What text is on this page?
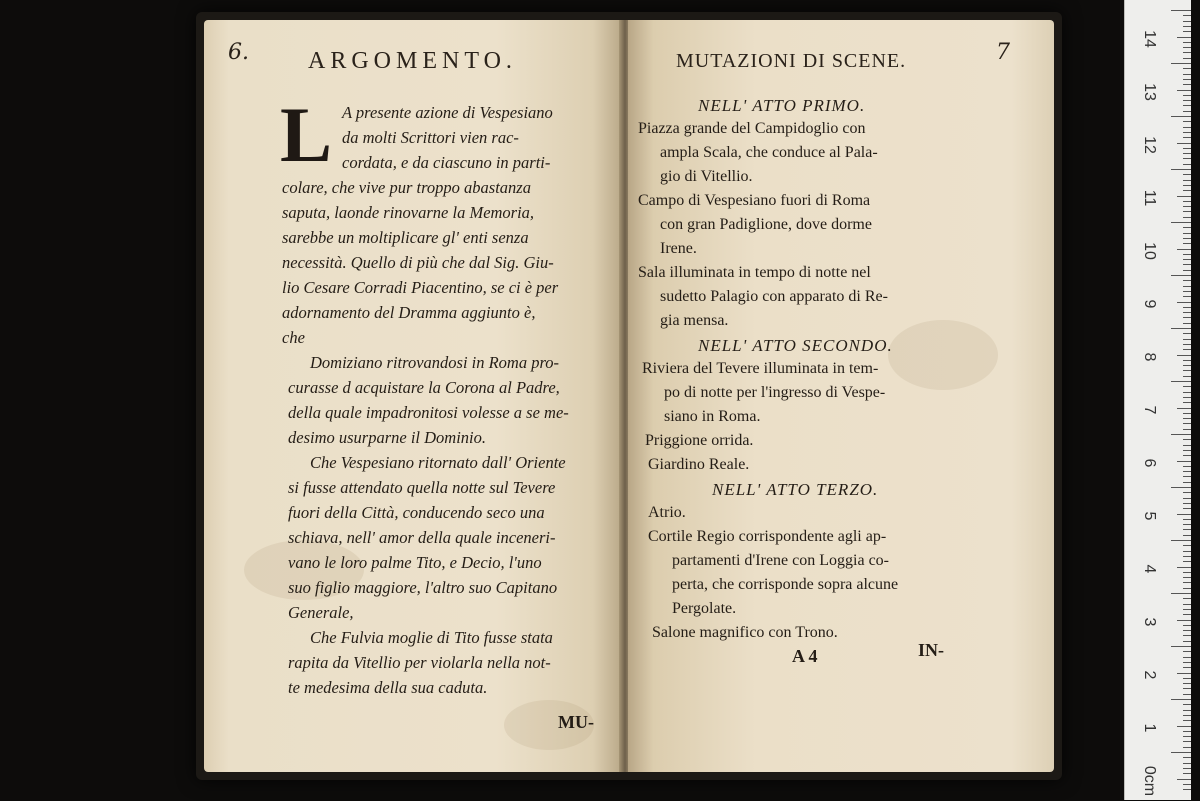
6. ARGOMENTO.
L A presente azione di Vespesiano
da molti Scrittori vien rac-
cordata, e da ciascuno in parti-
colare, che vive pur troppo abastanza
saputa, laonde rinovarne la Memoria,
sarebbe un moltiplicare gl' enti senza
necessità. Quello di più che dal Sig. Giu-
lio Cesare Corradi Piacentino, se ci è per
adornamento del Dramma aggiunto è,
che
Domiziano ritrovandosi in Roma pro-
curasse d acquistare la Corona al Padre,
della quale impadronitosi volesse a se me-
desimo usurparne il Dominio.
Che Vespesiano ritornato dall' Oriente
si fusse attendato quella notte sul Tevere
fuori della Città, conducendo seco una
schiava, nell' amor della quale inceneri-
vano le loro palme Tito, e Decio, l'uno
suo figlio maggiore, l'altro suo Capitano
Generale,
Che Fulvia moglie di Tito fusse stata
rapita da Vitellio per violarla nella not-
te medesima della sua caduta.
MU-
MUTAZIONI DI SCENE.	7
NELL' ATTO PRIMO.
Piazza grande del Campidoglio con
ampla Scala, che conduce al Pala-
gio di Vitellio.
Campo di Vespesiano fuori di Roma
con gran Padiglione, dove dorme
Irene.
Sala illuminata in tempo di notte nel
sudetto Palagio con apparato di Re-
gia mensa.
NELL' ATTO SECONDO.
Riviera del Tevere illuminata in tem-
po di notte per l'ingresso di Vespe-
siano in Roma.
Priggione orrida.
Giardino Reale.
NELL' ATTO TERZO.
Atrio.
Cortile Regio corrispondente agli ap-
partamenti d'Irene con Loggia co-
perta, che corrisponde sopra alcune
Pergolate.
Salone magnifico con Trono.
A 4	IN-
14
13
12
11
10
9
8
7
6
5
4
3
2
1
0cm
